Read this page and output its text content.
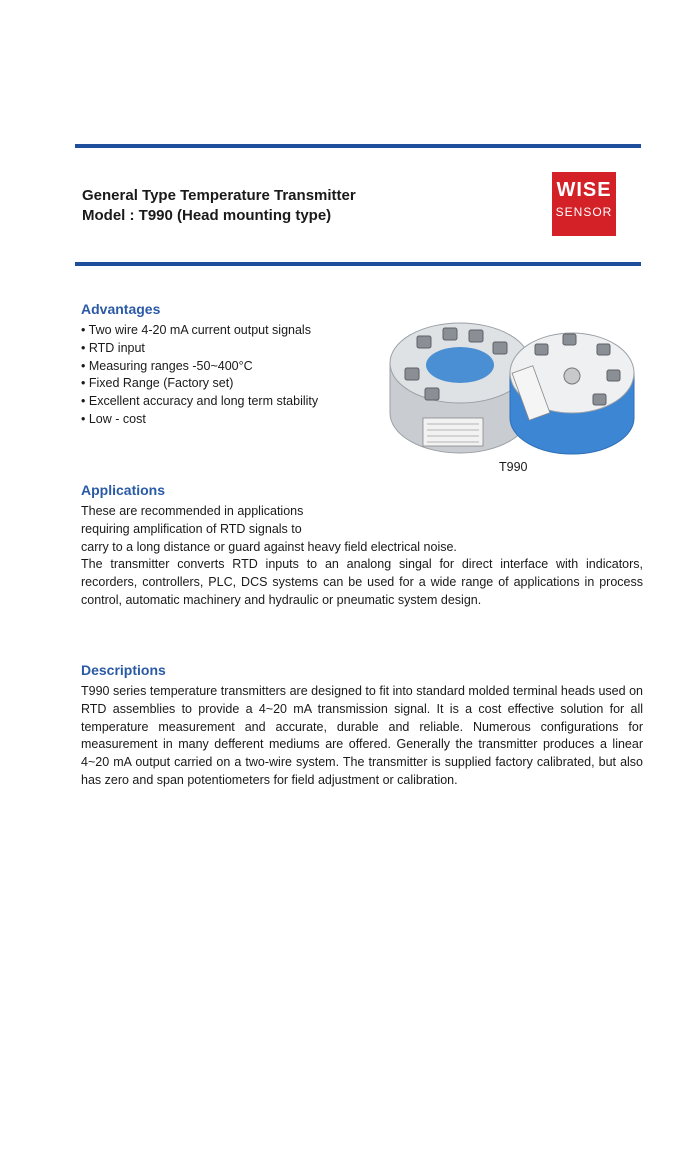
General Type Temperature Transmitter
Model : T990 (Head mounting type)
WISE
SENSOR
Advantages
• Two wire 4-20 mA current output signals
• RTD input
• Measuring ranges -50~400°C
• Fixed Range (Factory set)
• Excellent accuracy and long term stability
• Low - cost
T990
Applications
These are recommended in applications
requiring amplification of RTD signals to
carry to a long distance or guard against heavy field electrical noise.
The transmitter converts RTD inputs to an analong singal for direct interface with indicators, recorders, controllers, PLC, DCS systems can be used for a wide range of applications in process control, automatic machinery and hydraulic or pneumatic system design.
Descriptions

T990 series temperature transmitters are designed to fit into standard molded terminal heads used on RTD assemblies to provide a 4~20 mA transmission signal. It is a cost effective solution for all temperature measurement and accurate, durable and reliable. Numerous configurations for measurement in many defferent mediums are offered. Generally the transmitter produces a linear 4~20 mA output carried on a two-wire system. The transmitter is supplied factory calibrated, but also has zero and span potentiometers for field adjustment or calibration.
